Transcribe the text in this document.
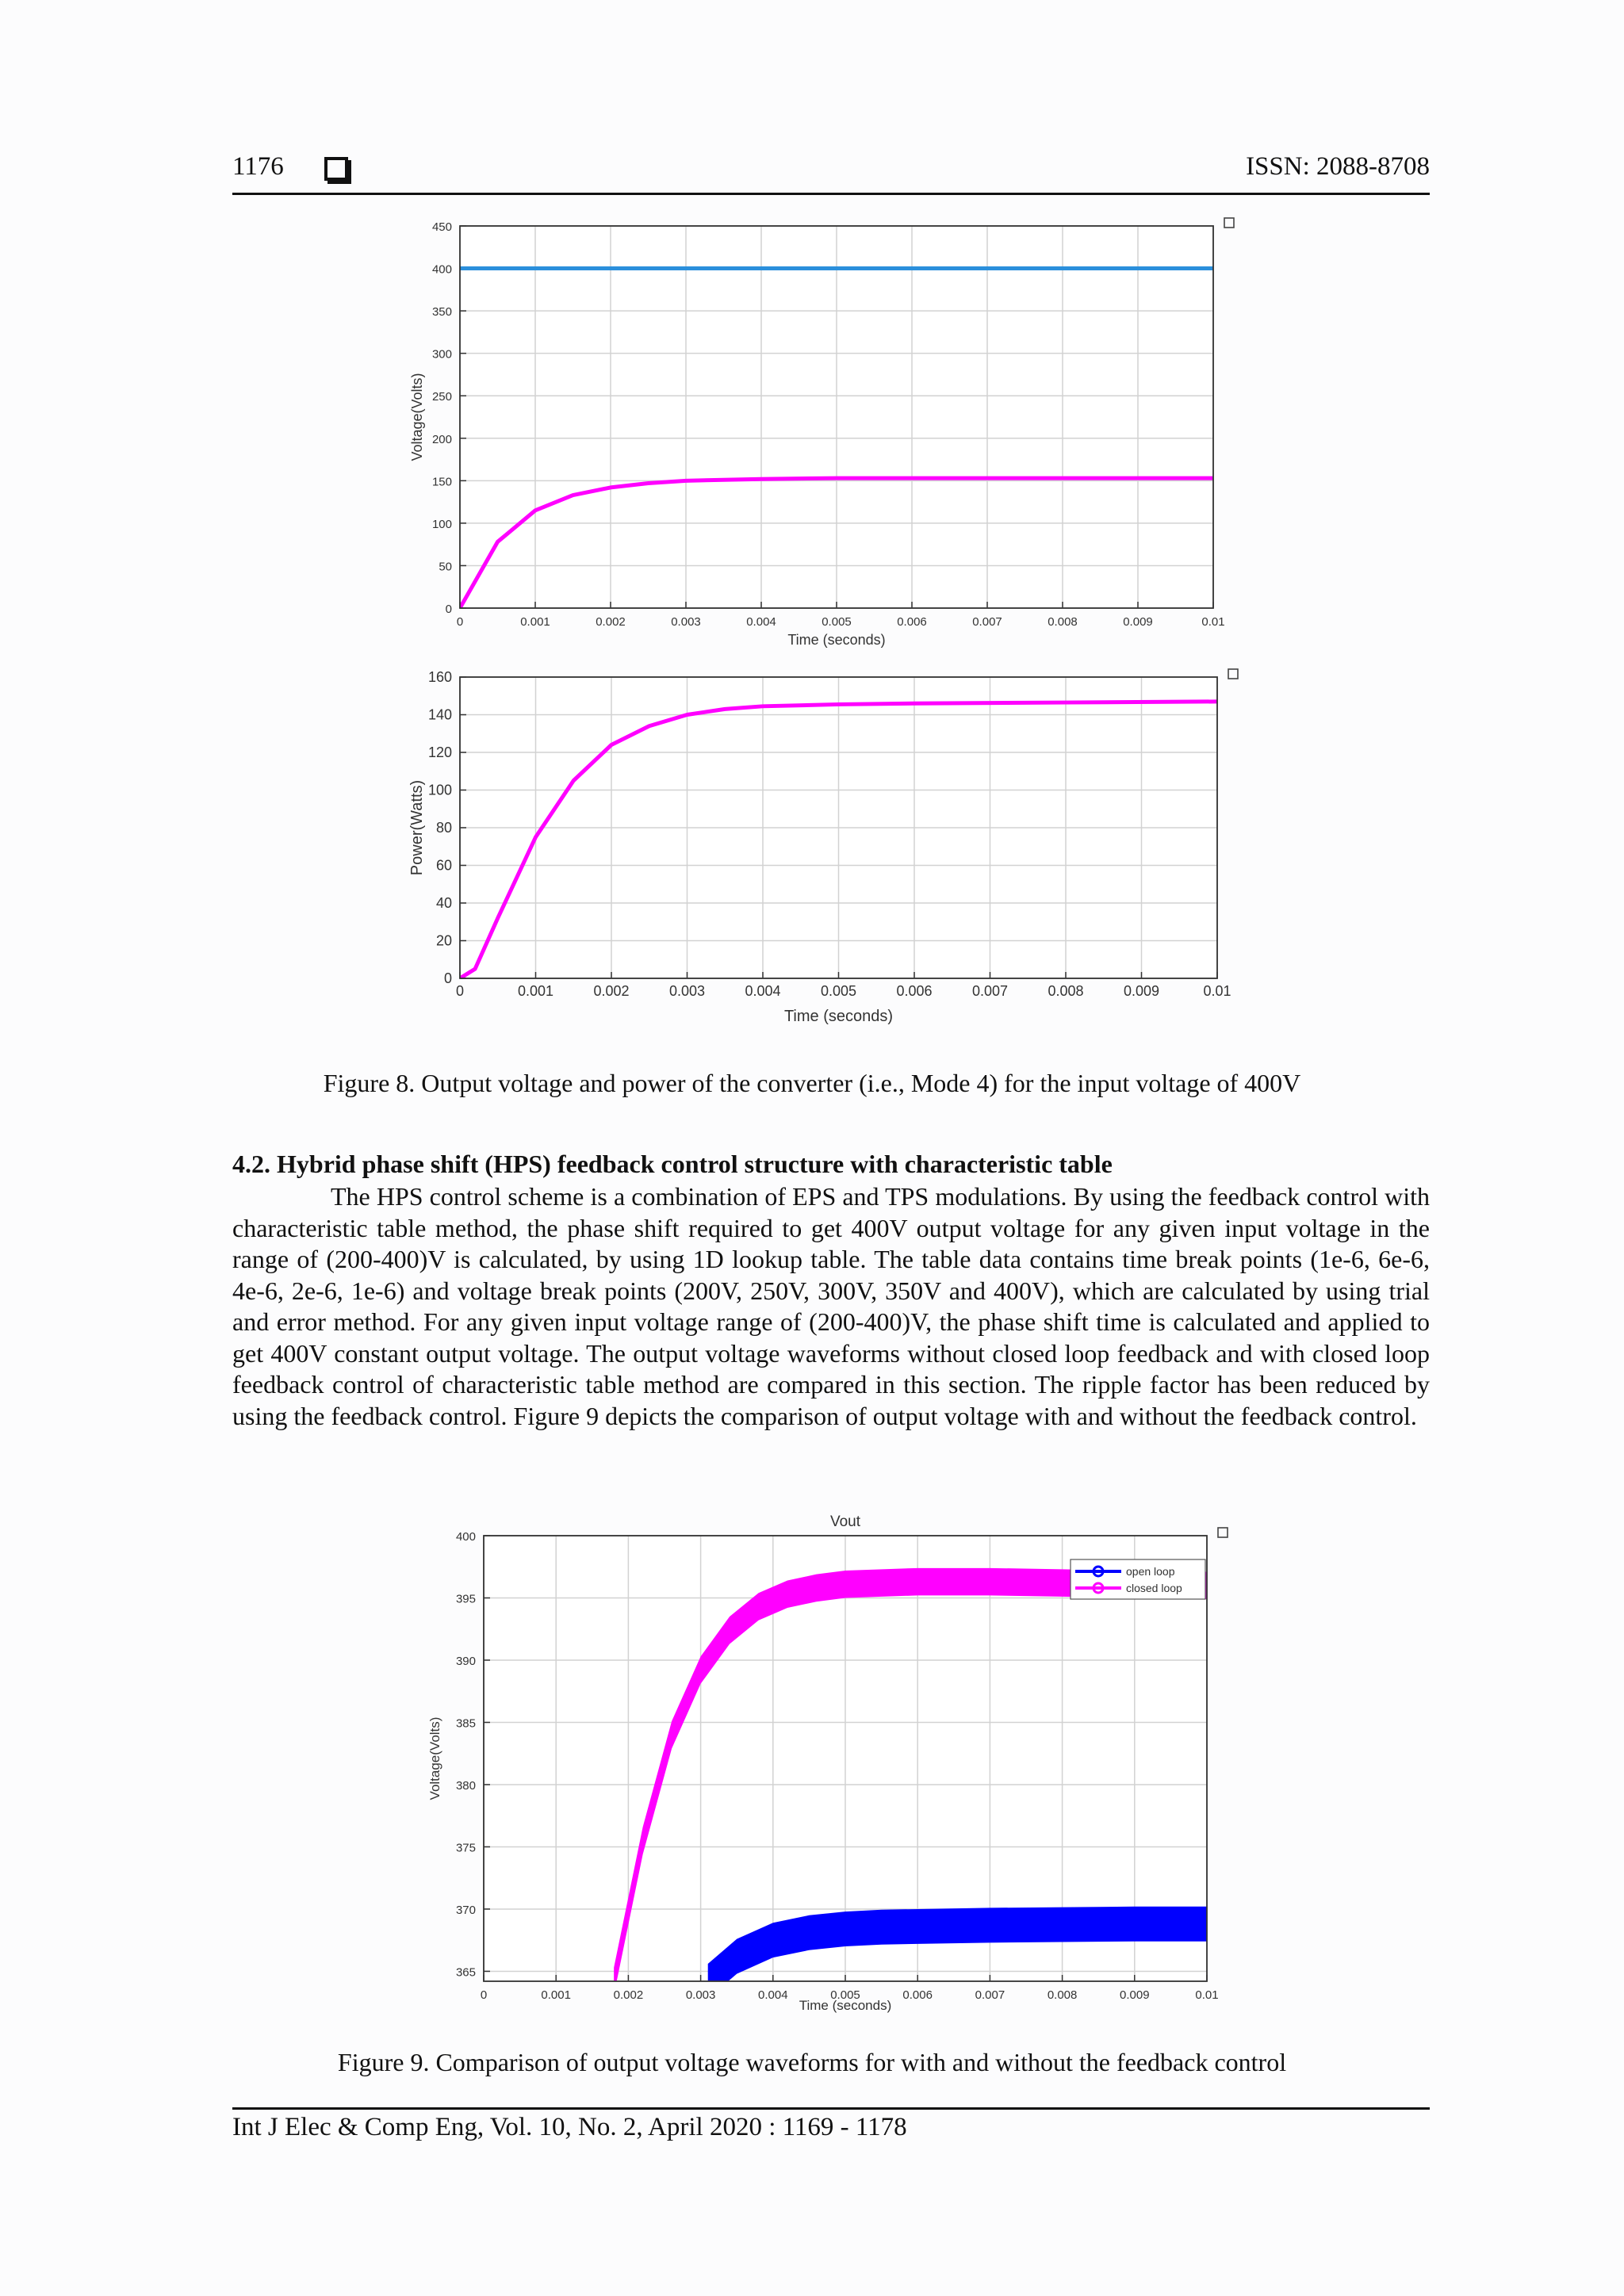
1176	ISSN: 2088-8708
0	0.001	0.002	0.003	0.004	0.005	0.006	0.007	0.008	0.009	0.01
0
50
100
150
200
250
300
350
400
450
Time (seconds)
Voltage(Volts)
0	0.001	0.002	0.003	0.004	0.005	0.006	0.007	0.008	0.009	0.01
0
20
40
60
80
100
120
140
160
Time (seconds)
Power(Watts)
Figure 8. Output voltage and power of the converter (i.e., Mode 4) for the input voltage of 400V
4.2. Hybrid phase shift (HPS) feedback control structure with characteristic table
The HPS control scheme is a combination of EPS and TPS modulations. By using the feedback control with characteristic table method, the phase shift required to get 400V output voltage for any given input voltage in the range of (200-400)V is calculated, by using 1D lookup table. The table data contains time break points (1e-6, 6e-6, 4e-6, 2e-6, 1e-6) and voltage break points (200V, 250V, 300V, 350V and 400V), which are calculated by using trial and error method. For any given input voltage range of (200-400)V, the phase shift time is calculated and applied to get 400V constant output voltage. The output voltage waveforms without closed loop feedback and with closed loop feedback control of characteristic table method are compared in this section. The ripple factor has been reduced by using the feedback control. Figure 9 depicts the comparison of output voltage with and without the feedback control.
0	0.001	0.002	0.003	0.004	0.005	0.006	0.007	0.008	0.009	0.01
365
370
375
380
385
390
395
400
Time (seconds)
Voltage(Volts)
Vout
open loop
closed loop
Figure 9. Comparison of output voltage waveforms for with and without the feedback control
Int J Elec & Comp Eng, Vol. 10, No. 2, April 2020 : 1169 - 1178
